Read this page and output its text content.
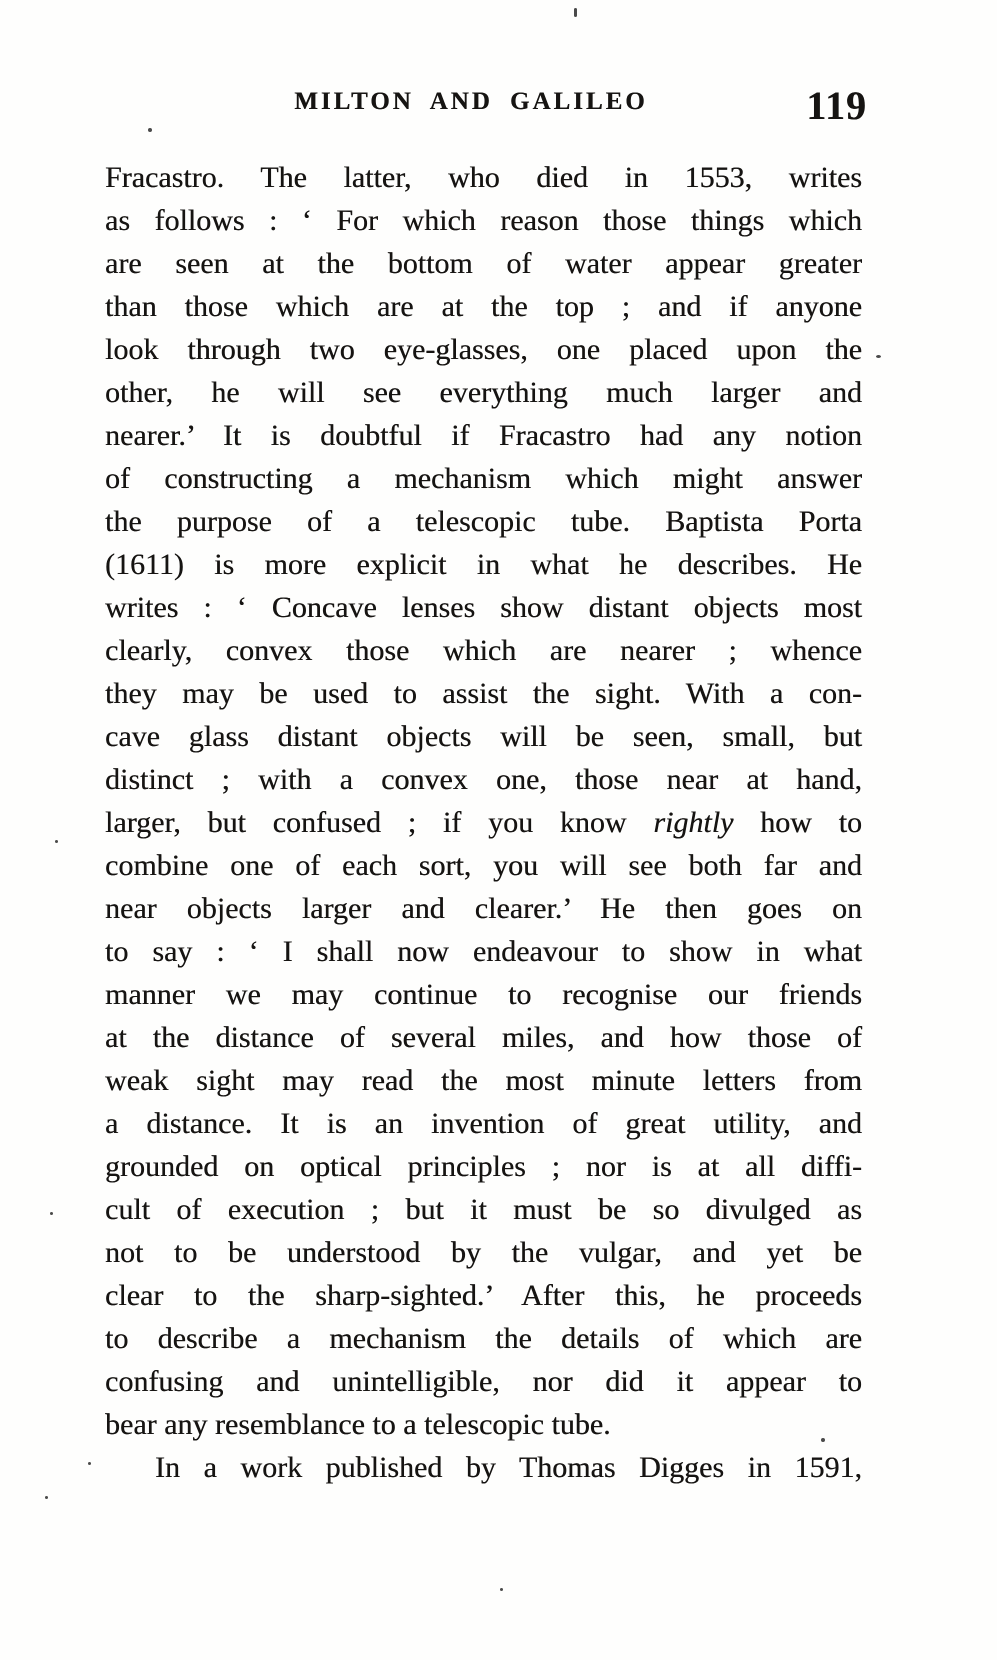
MILTON AND GALILEO	119
Fracastro. The latter, who died in 1553, writes
as follows : ‘ For which reason those things which
are seen at the bottom of water appear greater
than those which are at the top ; and if anyone
look through two eye-glasses, one placed upon the
other, he will see everything much larger and
nearer.’ It is doubtful if Fracastro had any notion
of constructing a mechanism which might answer
the purpose of a telescopic tube. Baptista Porta
(1611) is more explicit in what he describes. He
writes : ‘ Concave lenses show distant objects most
clearly, convex those which are nearer ; whence
they may be used to assist the sight. With a con-
cave glass distant objects will be seen, small, but
distinct ; with a convex one, those near at hand,
larger, but confused ; if you know rightly how to
combine one of each sort, you will see both far and
near objects larger and clearer.’ He then goes on
to say : ‘ I shall now endeavour to show in what
manner we may continue to recognise our friends
at the distance of several miles, and how those of
weak sight may read the most minute letters from
a distance. It is an invention of great utility, and
grounded on optical principles ; nor is at all diffi-
cult of execution ; but it must be so divulged as
not to be understood by the vulgar, and yet be
clear to the sharp-sighted.’ After this, he proceeds
to describe a mechanism the details of which are
confusing and unintelligible, nor did it appear to
bear any resemblance to a telescopic tube.
In a work published by Thomas Digges in 1591,
